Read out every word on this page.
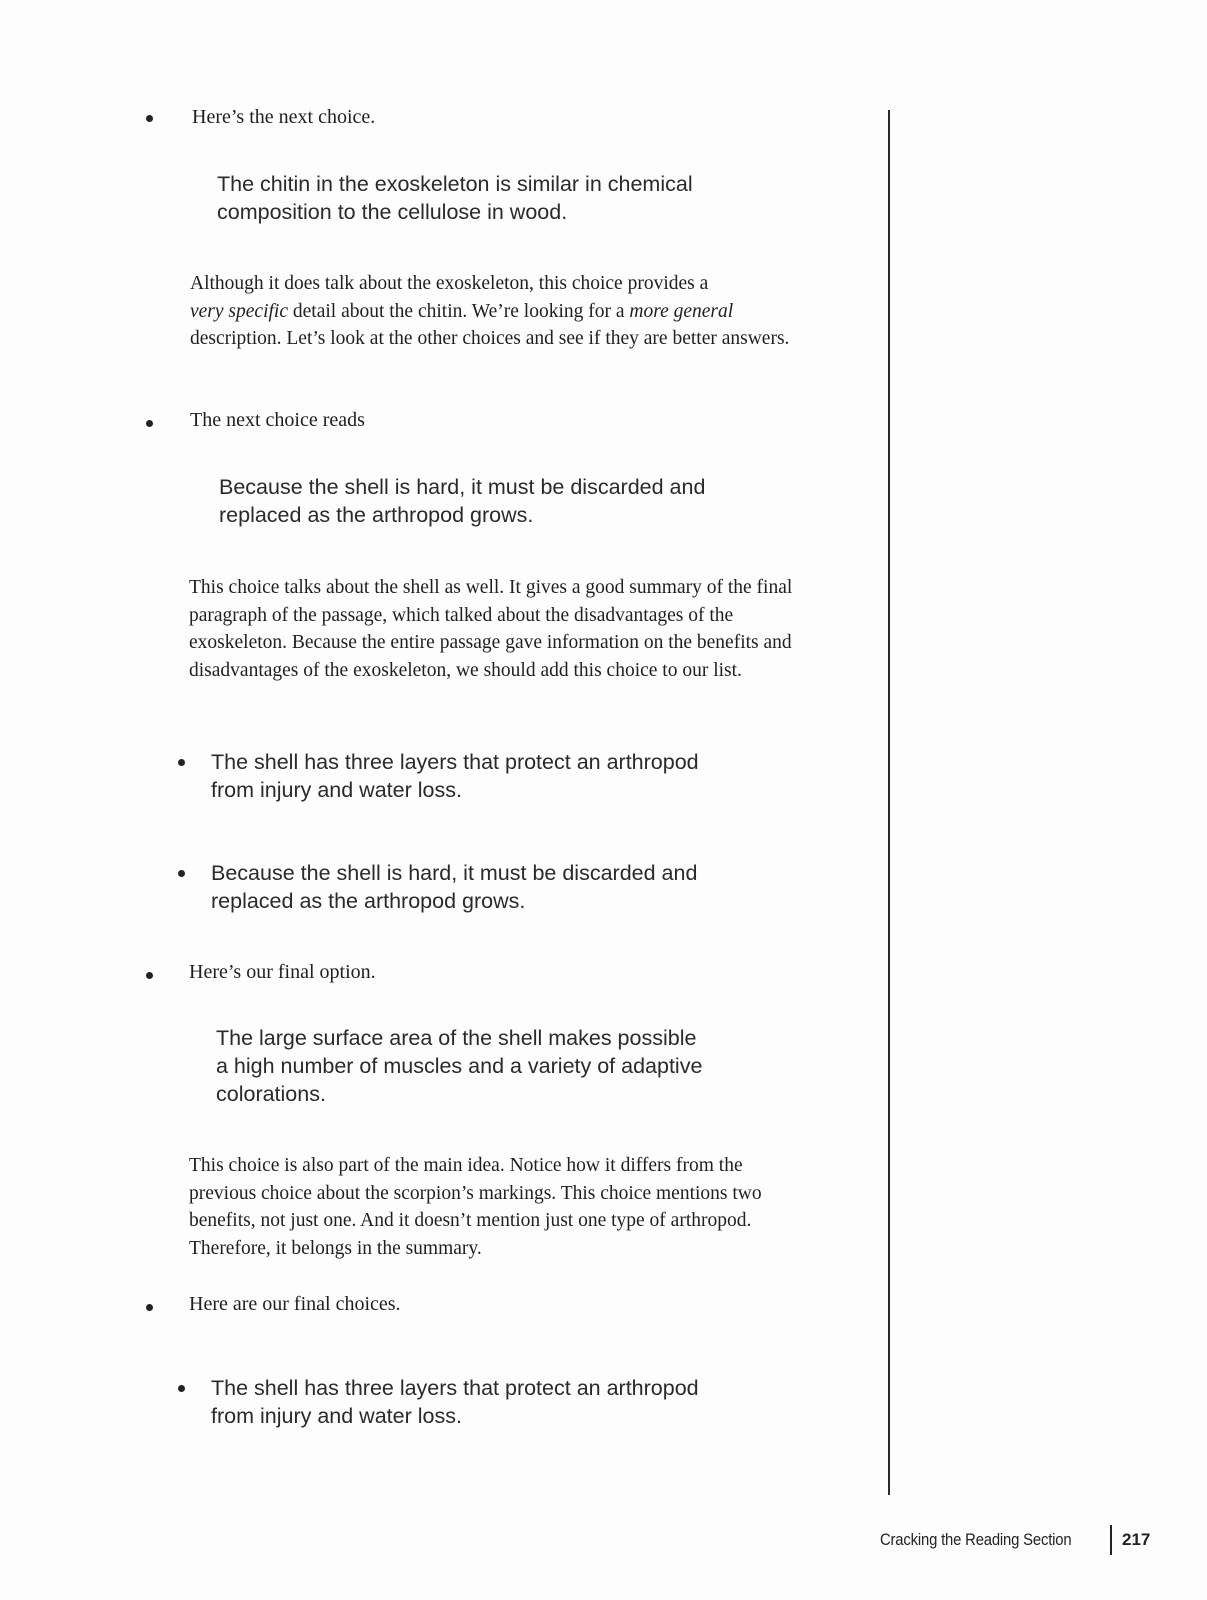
Here’s the next choice.
The chitin in the exoskeleton is similar in chemical
composition to the cellulose in wood.
Although it does talk about the exoskeleton, this choice provides a
very specific detail about the chitin. We’re looking for a more general description. Let’s look at the other choices and see if they are better answers.
The next choice reads
Because the shell is hard, it must be discarded and
replaced as the arthropod grows.
This choice talks about the shell as well. It gives a good summary of the final paragraph of the passage, which talked about the disadvantages of the exoskeleton. Because the entire passage gave information on the benefits and disadvantages of the exoskeleton, we should add this choice to our list.
The shell has three layers that protect an arthropod
from injury and water loss.
Because the shell is hard, it must be discarded and
replaced as the arthropod grows.
Here’s our final option.
The large surface area of the shell makes possible
a high number of muscles and a variety of adaptive
colorations.
This choice is also part of the main idea. Notice how it differs from the previous choice about the scorpion’s markings. This choice mentions two benefits, not just one. And it doesn’t mention just one type of arthropod. Therefore, it belongs in the summary.
Here are our final choices.
The shell has three layers that protect an arthropod
from injury and water loss.
Cracking the Reading Section	217
